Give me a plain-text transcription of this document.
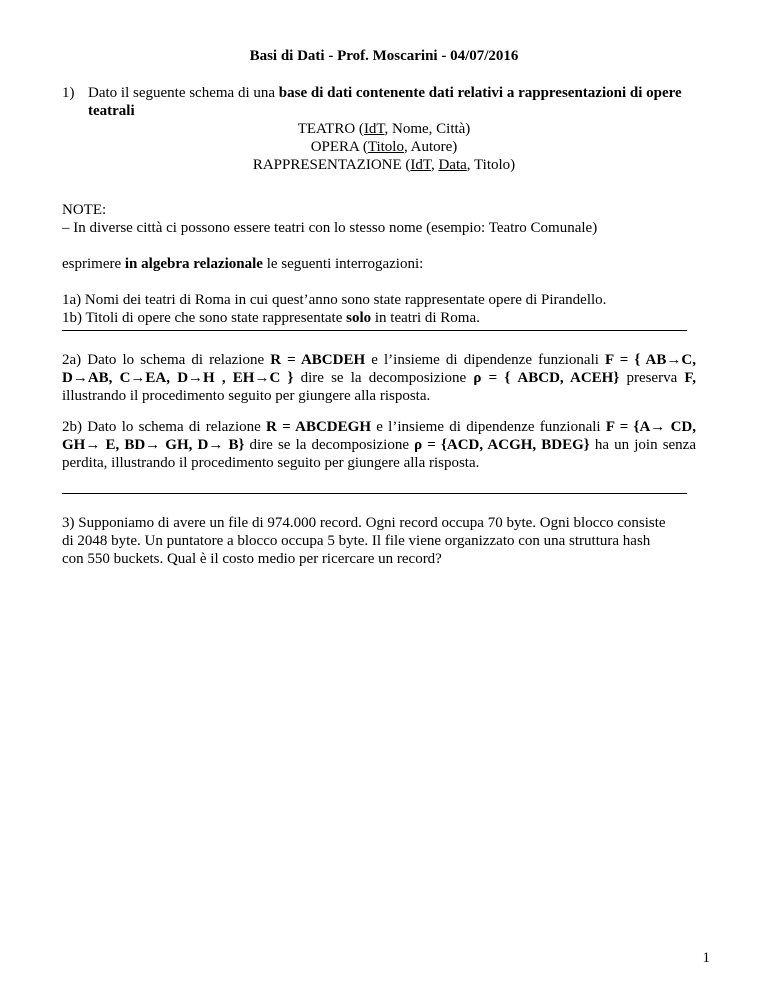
Basi di Dati - Prof. Moscarini - 04/07/2016
1) Dato il seguente schema di una base di dati contenente dati relativi a rappresentazioni di opere teatrali
TEATRO (IdT, Nome, Città)
OPERA (Titolo, Autore)
RAPPRESENTAZIONE (IdT, Data, Titolo)
NOTE:
– In diverse città ci possono essere teatri con lo stesso nome (esempio: Teatro Comunale)
esprimere in algebra relazionale le seguenti interrogazioni:
1a) Nomi dei teatri di Roma in cui quest’anno sono state rappresentate opere di Pirandello.
1b) Titoli di opere che sono state rappresentate solo in teatri di Roma.
2a) Dato lo schema di relazione R = ABCDEH e l’insieme di dipendenze funzionali F = { AB→C, D→AB, C→EA, D→H , EH→C } dire se la decomposizione ρ = { ABCD, ACEH} preserva F, illustrando il procedimento seguito per giungere alla risposta.
2b) Dato lo schema di relazione R = ABCDEGH e l’insieme di dipendenze funzionali F = {A→ CD, GH→ E, BD→ GH, D→ B} dire se la decomposizione ρ = {ACD, ACGH, BDEG} ha un join senza perdita, illustrando il procedimento seguito per giungere alla risposta.
3) Supponiamo di avere un file di 974.000 record. Ogni record occupa 70 byte. Ogni blocco consiste di 2048 byte. Un puntatore a blocco occupa 5 byte. Il file viene organizzato con una struttura hash con 550 buckets. Qual è il costo medio per ricercare un record?
1
